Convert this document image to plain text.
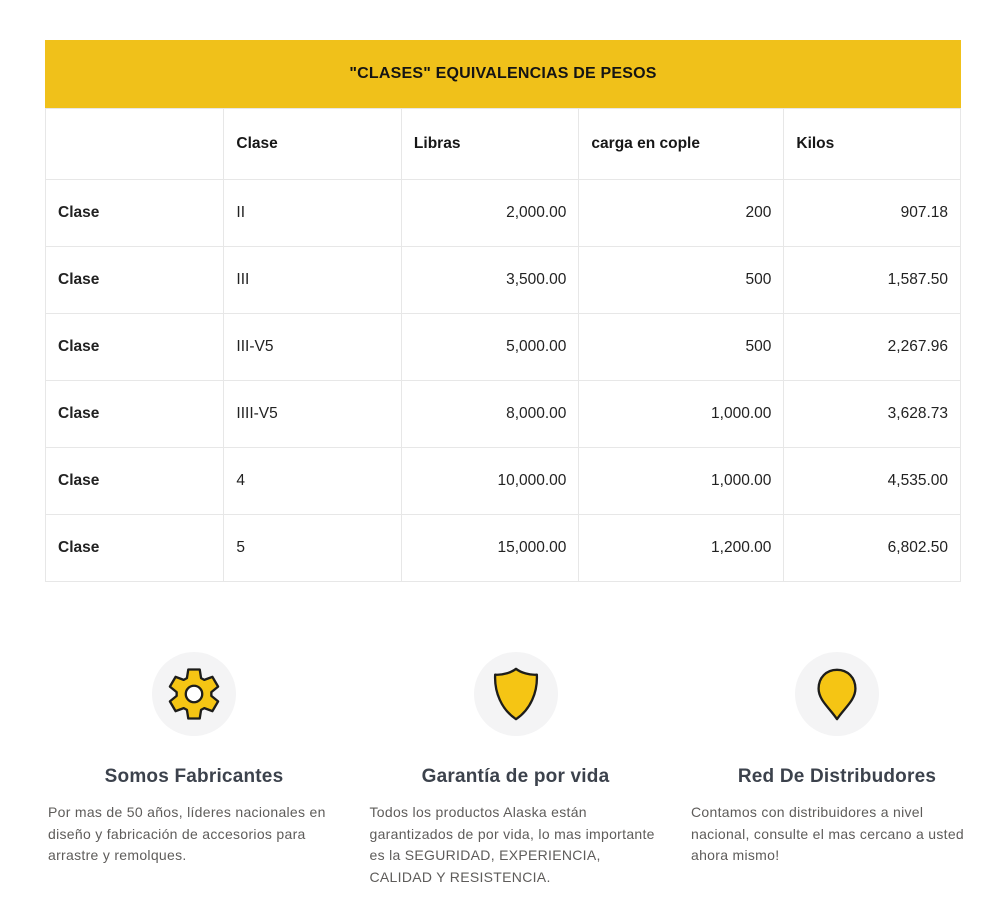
"CLASES" EQUIVALENCIAS DE PESOS
	Clase	Libras	carga en cople	Kilos
Clase	II	2,000.00	200	907.18
Clase	III	3,500.00	500	1,587.50
Clase	III-V5	5,000.00	500	2,267.96
Clase	IIII-V5	8,000.00	1,000.00	3,628.73
Clase	4	10,000.00	1,000.00	4,535.00
Clase	5	15,000.00	1,200.00	6,802.50
Somos Fabricantes

Por mas de 50 años, líderes nacionales en diseño y fabricación de accesorios para arrastre y remolques.

Garantía de por vida

Todos los productos Alaska están garantizados de por vida, lo mas importante es la SEGURIDAD, EXPERIENCIA, CALIDAD Y RESISTENCIA.

Red De Distribudores

Contamos con distribuidores a nivel nacional, consulte el mas cercano a usted ahora mismo!
